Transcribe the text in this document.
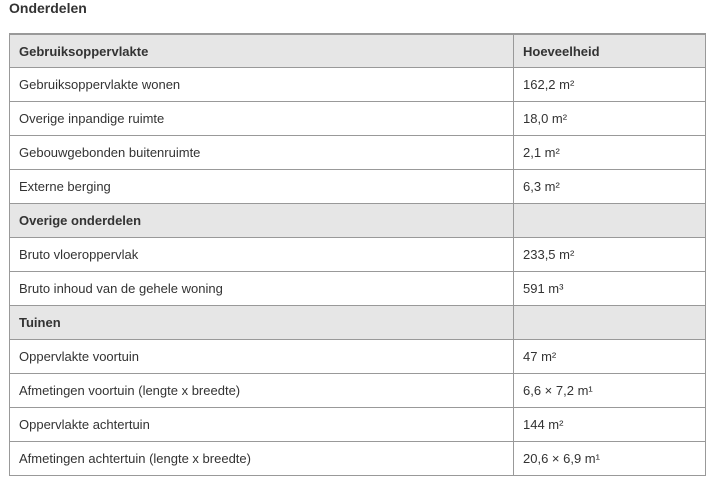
Onderdelen
Gebruiksoppervlakte	Hoeveelheid
Gebruiksoppervlakte wonen	162,2 m²
Overige inpandige ruimte	18,0 m²
Gebouwgebonden buitenruimte	2,1 m²
Externe berging	6,3 m²
Overige onderdelen	
Bruto vloeroppervlak	233,5 m²
Bruto inhoud van de gehele woning	591 m³
Tuinen	
Oppervlakte voortuin	47 m²
Afmetingen voortuin (lengte x breedte)	6,6 × 7,2 m¹
Oppervlakte achtertuin	144 m²
Afmetingen achtertuin (lengte x breedte)	20,6 × 6,9 m¹
